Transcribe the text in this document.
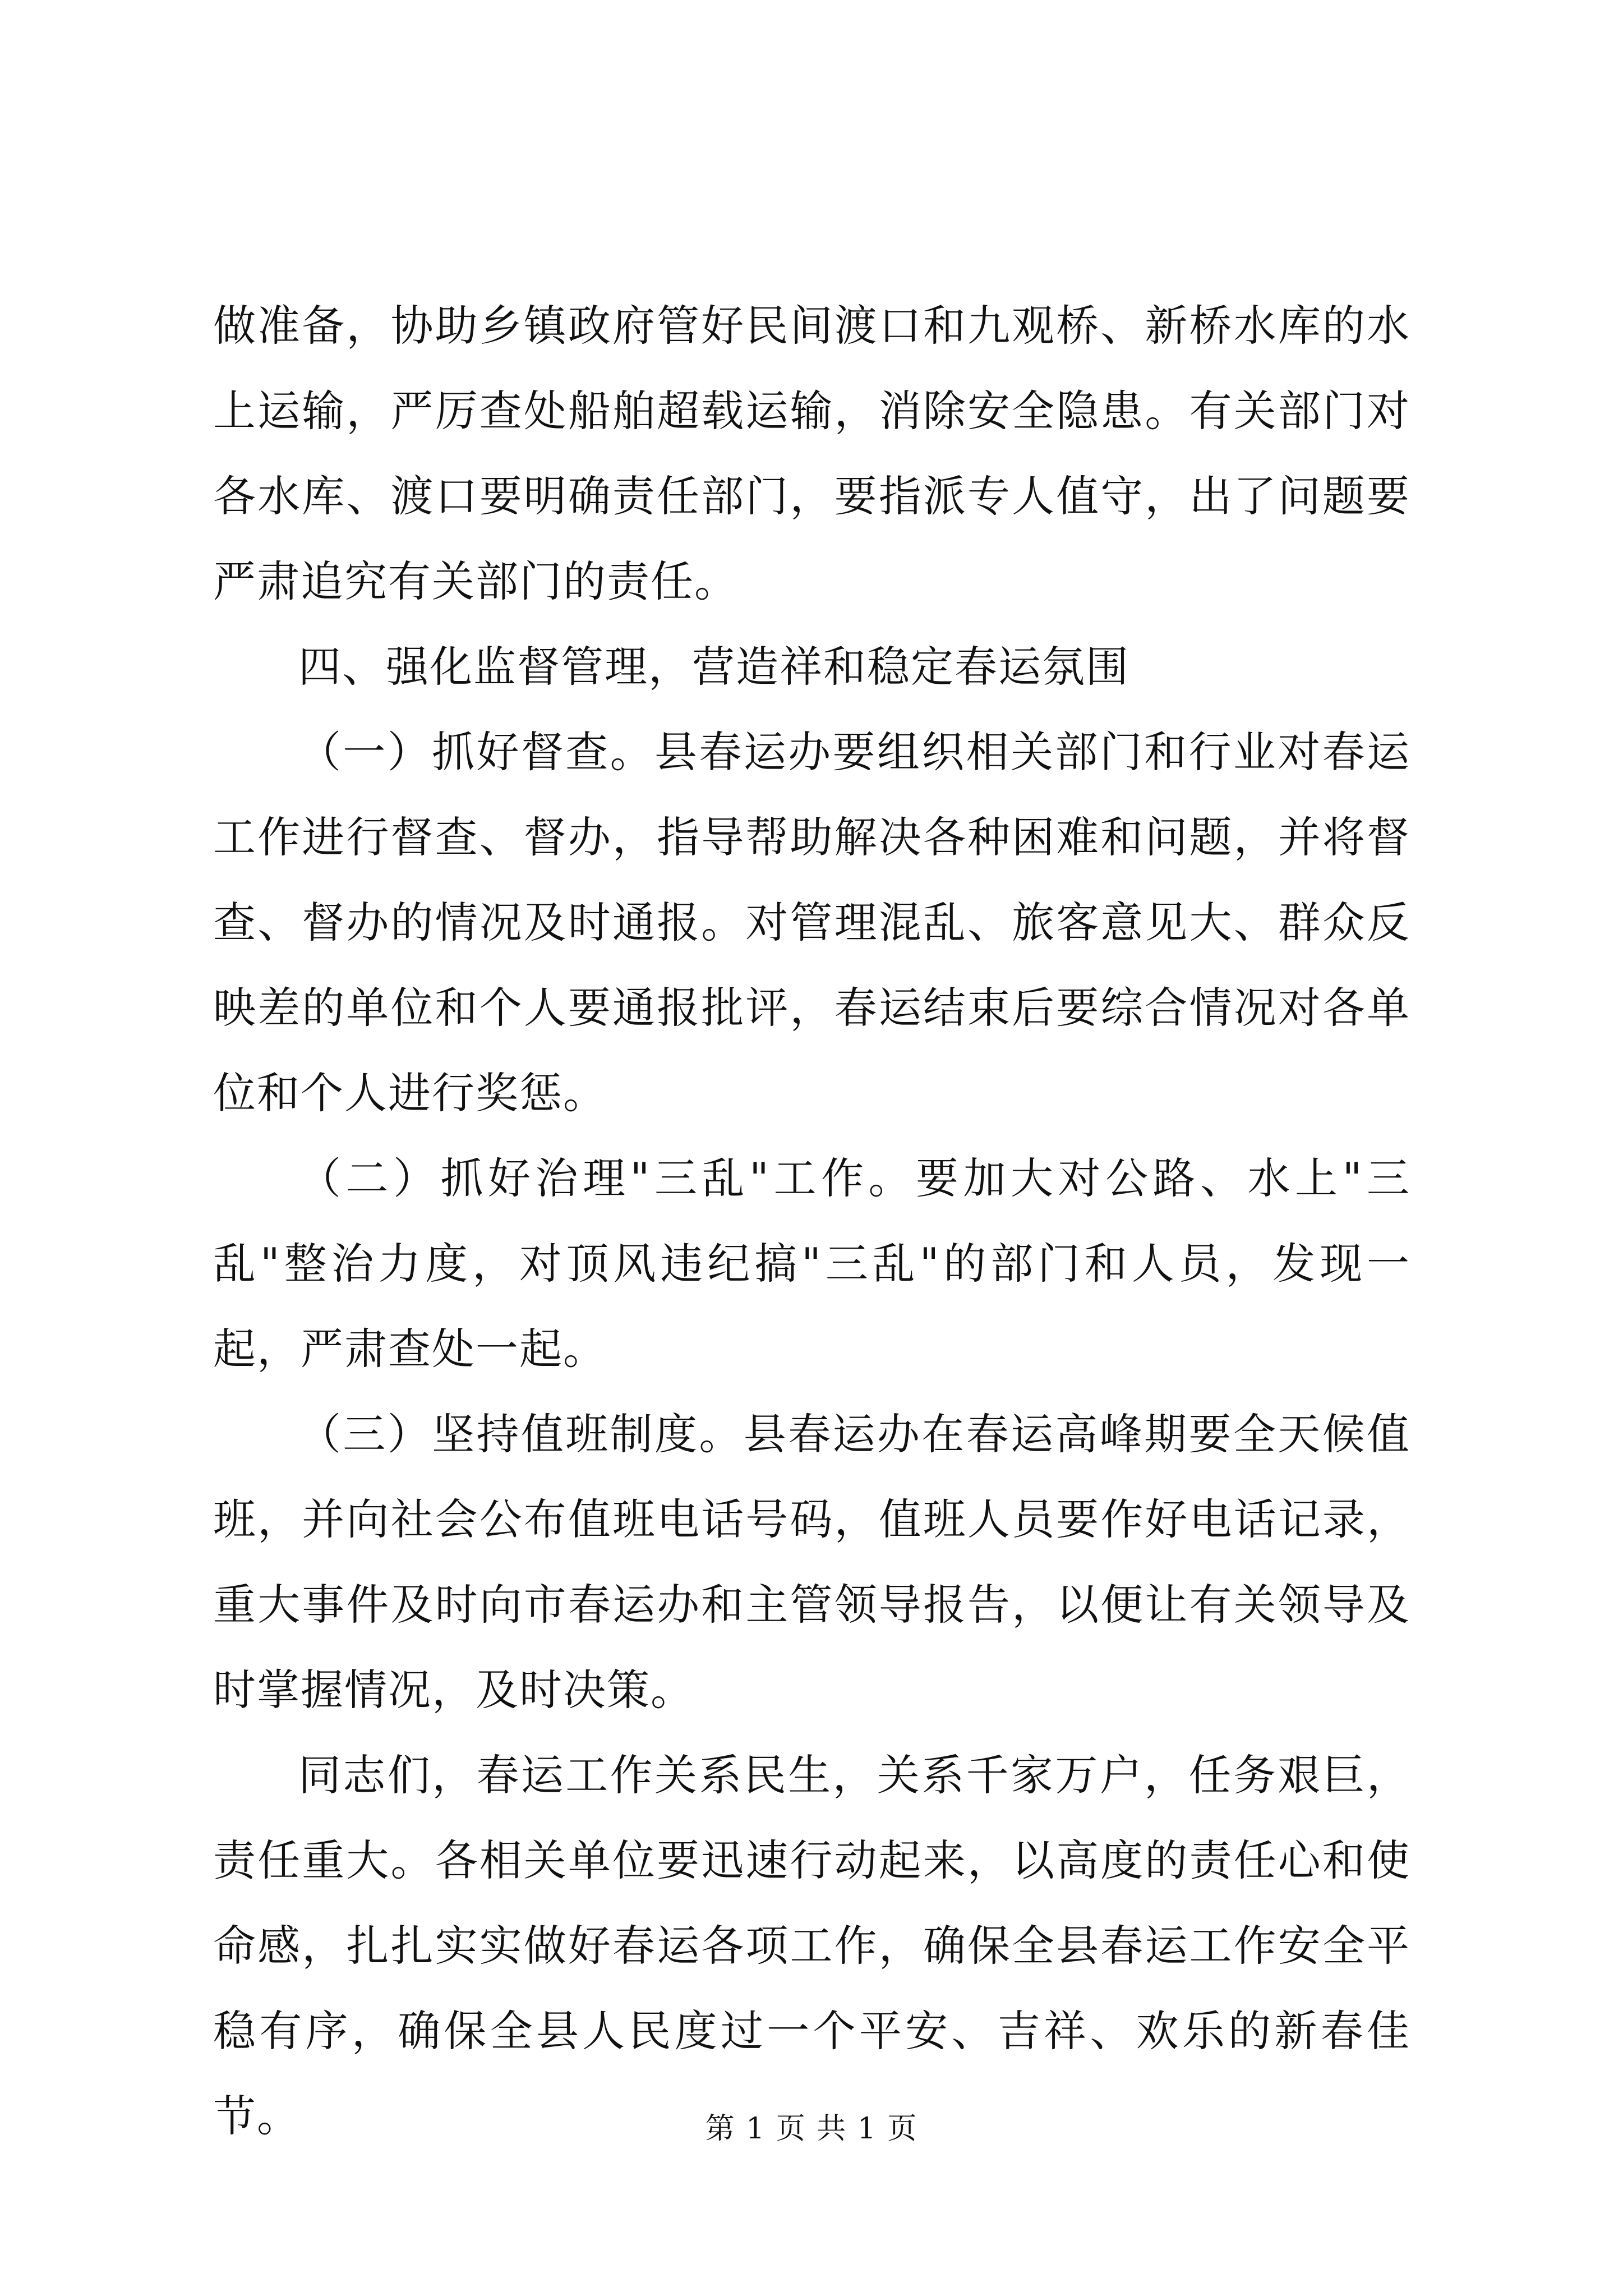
做准备，协助乡镇政府管好民间渡口和九观桥、新桥水库的水上运输，严厉查处船舶超载运输，消除安全隐患。有关部门对各水库、渡口要明确责任部门，要指派专人值守，出了问题要严肃追究有关部门的责任。

四、强化监督管理，营造祥和稳定春运氛围

（一）抓好督查。县春运办要组织相关部门和行业对春运工作进行督查、督办，指导帮助解决各种困难和问题，并将督查、督办的情况及时通报。对管理混乱、旅客意见大、群众反映差的单位和个人要通报批评，春运结束后要综合情况对各单位和个人进行奖惩。

（二）抓好治理"三乱"工作。要加大对公路、水上"三乱"整治力度，对顶风违纪搞"三乱"的部门和人员，发现一起，严肃查处一起。

（三）坚持值班制度。县春运办在春运高峰期要全天候值班，并向社会公布值班电话号码，值班人员要作好电话记录，重大事件及时向市春运办和主管领导报告，以便让有关领导及时掌握情况，及时决策。

同志们，春运工作关系民生，关系千家万户，任务艰巨，责任重大。各相关单位要迅速行动起来，以高度的责任心和使命感，扎扎实实做好春运各项工作，确保全县春运工作安全平稳有序，确保全县人民度过一个平安、吉祥、欢乐的新春佳节。	第 1 页 共 1 页
